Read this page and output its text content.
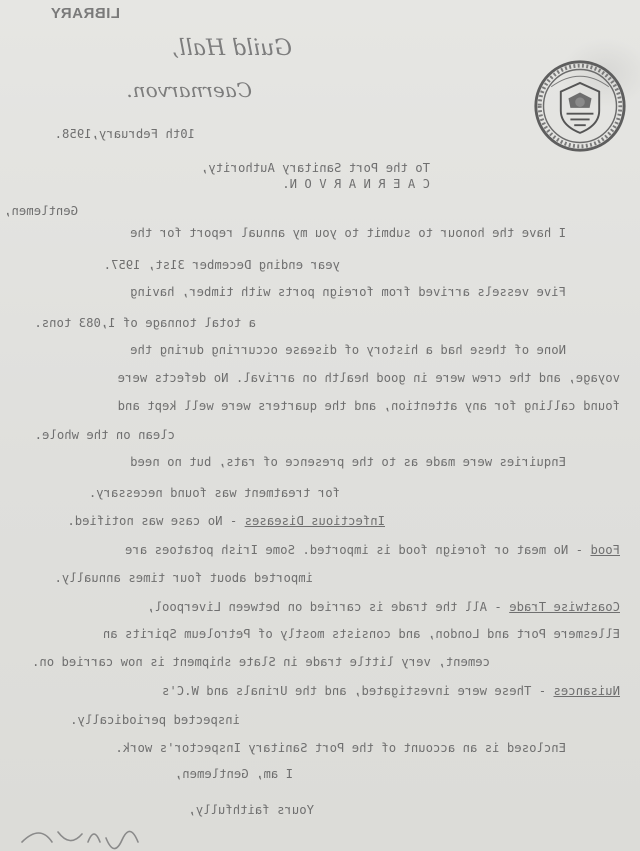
LIBRARY
Guild Hall,
Caernarvon.
10th February,1958.
To the Port Sanitary Authority,
C A E R N A R V O N.
Gentlemen,
I have the honour to submit to you my annual report for the
year ending December 31st, 1957.
Five vessels arrived from foreign ports with timber, having
a total tonnage of 1,083 tons.
None of these had a history of disease occurring during the
voyage, and the crew were in good health on arrival. No defects were
found calling for any attention, and the quarters were well kept and
clean on the whole.
Enquiries were made as to the presence of rats, but no need
for treatment was found necessary.
Infectious Diseases - No case was notified.
Food - No meat or foreign food is imported. Some Irish potatoes are
imported about four times annually.
Coastwise Trade - All the trade is carried on between Liverpool,
Ellesmere Port and London, and consists mostly of Petroleum Spirits an
cement, very little trade in Slate shipment is now carried on.
Nuisances - These were investigated, and the Urinals and W.C's
inspected periodically.
Enclosed is an account of the Port Sanitary Inspector's work.
I am, Gentlemen,
Yours faithfully,
